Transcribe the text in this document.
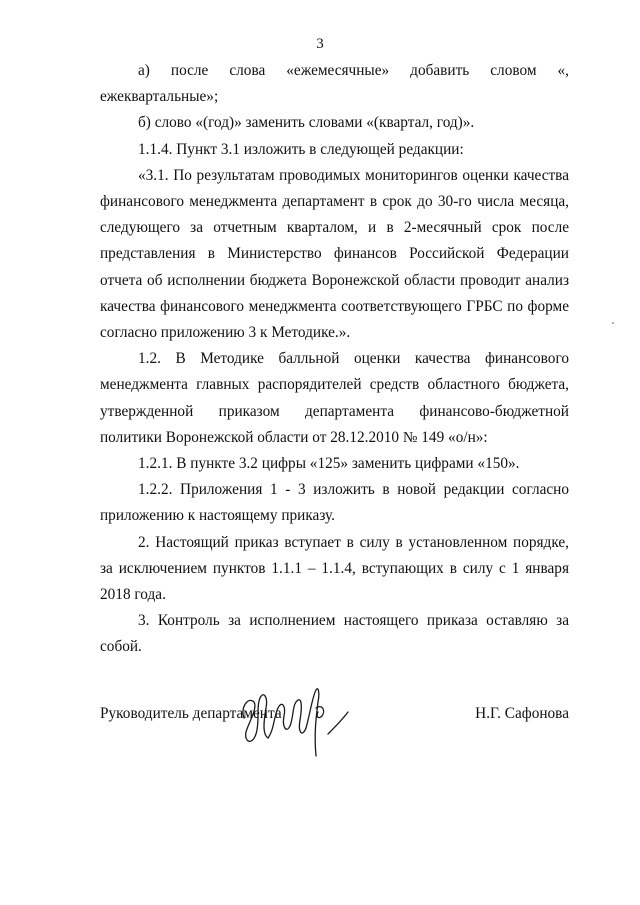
3

а) после слова «ежемесячные» добавить словом «, ежеквартальные»;

б) слово «(год)» заменить словами «(квартал, год)».

1.1.4. Пункт 3.1 изложить в следующей редакции:

«3.1. По результатам проводимых мониторингов оценки качества финансового менеджмента департамент в срок до 30-го числа месяца, следующего за отчетным кварталом, и в 2-месячный срок после представления в Министерство финансов Российской Федерации отчета об исполнении бюджета Воронежской области проводит анализ качества финансового менеджмента соответствующего ГРБС по форме согласно приложению 3 к Методике.».

1.2. В Методике балльной оценки качества финансового менеджмента главных распорядителей средств областного бюджета, утвержденной приказом департамента финансово-бюджетной политики Воронежской области от 28.12.2010 № 149 «о/н»:

1.2.1. В пункте 3.2 цифры «125» заменить цифрами «150».

1.2.2. Приложения 1 - 3 изложить в новой редакции согласно приложению к настоящему приказу.

2. Настоящий приказ вступает в силу в установленном порядке, за исключением пунктов 1.1.1 – 1.1.4, вступающих в силу с 1 января 2018 года.

3. Контроль за исполнением настоящего приказа оставляю за собой.

Руководитель департамента	Н.Г. Сафонова
